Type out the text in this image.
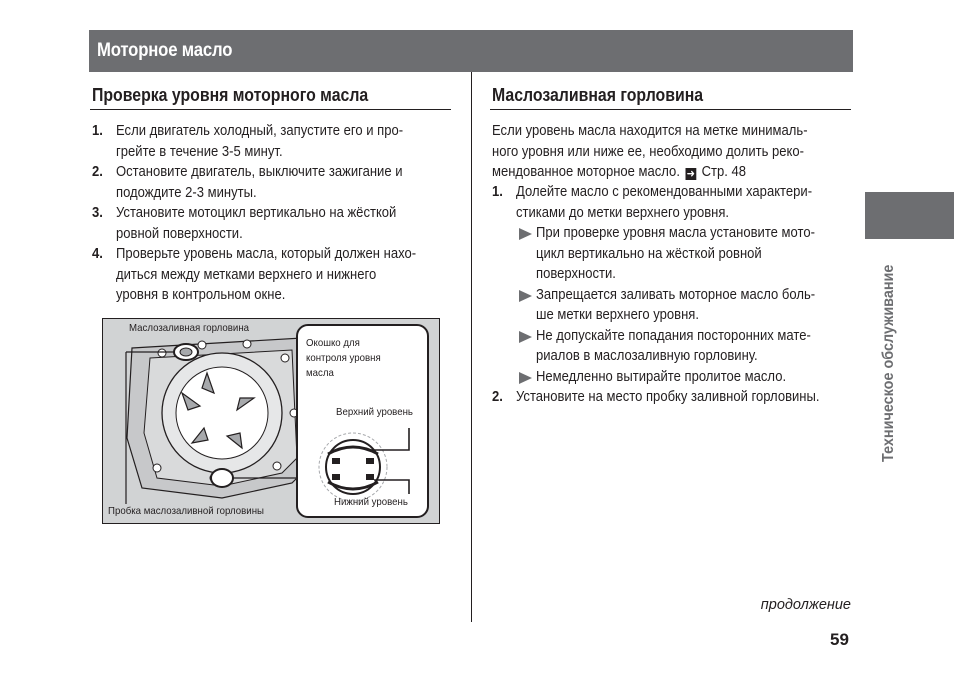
Моторное масло
Проверка уровня моторного масла
1. Если двигатель холодный, запустите его и про-
грейте в течение 3-5 минут.
2. Остановите двигатель, выключите зажигание и
подождите 2-3 минуты.
3. Установите мотоцикл вертикально на жёсткой
ровной поверхности.
4. Проверьте уровень масла, который должен нахо-
диться между метками верхнего и нижнего
уровня в контрольном окне.
Маслозаливная горловина
Пробка маслозаливной горловины
Окошко для
контроля уровня
масла
Верхний уровень
Нижний уровень
Маслозаливная горловина
Если уровень масла находится на метке минималь-
ного уровня или ниже ее, необходимо долить реко-
мендованное моторное масло. ➜ Стр. 48
1. Долейте масло с рекомендованными характери-
стиками до метки верхнего уровня.
При проверке уровня масла установите мото-
цикл вертикально на жёсткой ровной
поверхности.
Запрещается заливать моторное масло боль-
ше метки верхнего уровня.
Не допускайте попадания посторонних мате-
риалов в маслозаливную горловину.
Немедленно вытирайте пролитое масло.
2. Установите на место пробку заливной горловины.	Техническое обслуживание
продолжение
59
